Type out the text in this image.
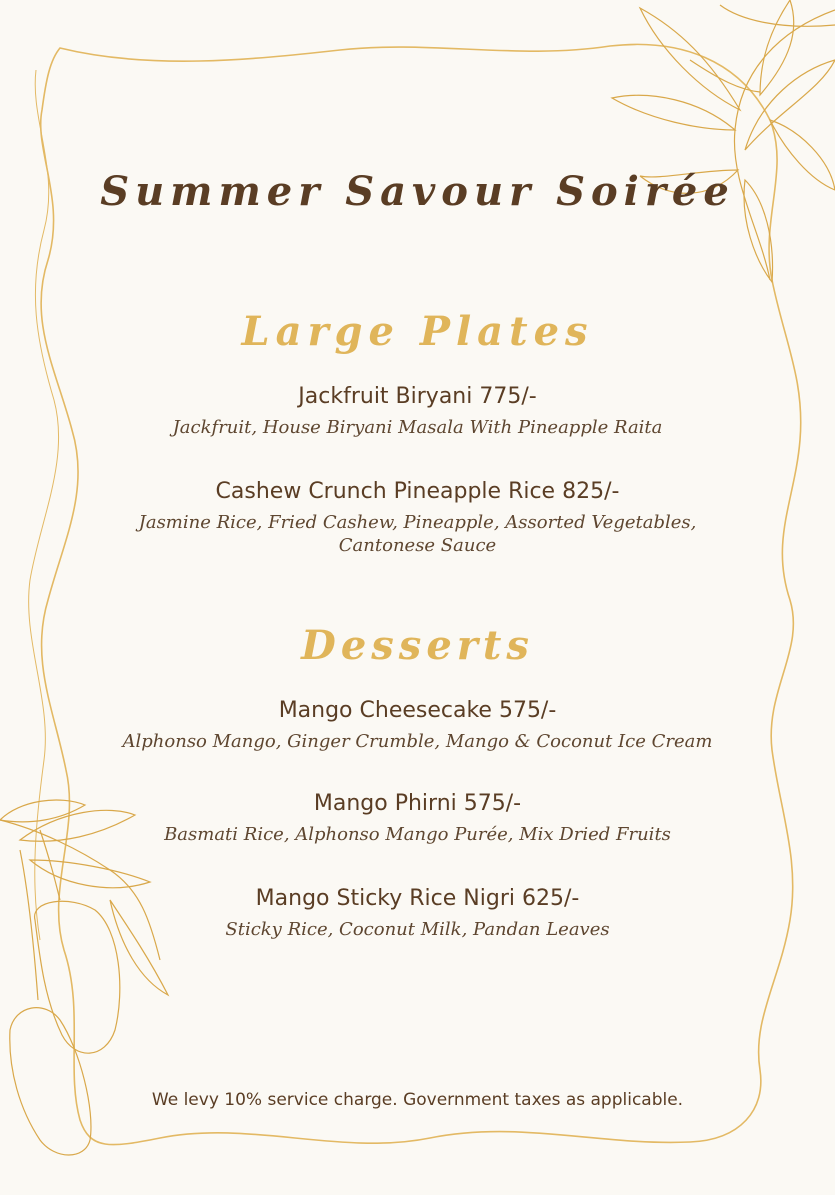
Summer Savour Soirée
Large Plates

Jackfruit Biryani 775/-

Jackfruit, House Biryani Masala With Pineapple Raita

Cashew Crunch Pineapple Rice 825/-

Jasmine Rice, Fried Cashew, Pineapple, Assorted Vegetables,

Cantonese Sauce

Desserts

Mango Cheesecake 575/-

Alphonso Mango, Ginger Crumble, Mango & Coconut Ice Cream

Mango Phirni 575/-

Basmati Rice, Alphonso Mango Purée, Mix Dried Fruits

Mango Sticky Rice Nigri 625/-

Sticky Rice, Coconut Milk, Pandan Leaves

We levy 10% service charge. Government taxes as applicable.
